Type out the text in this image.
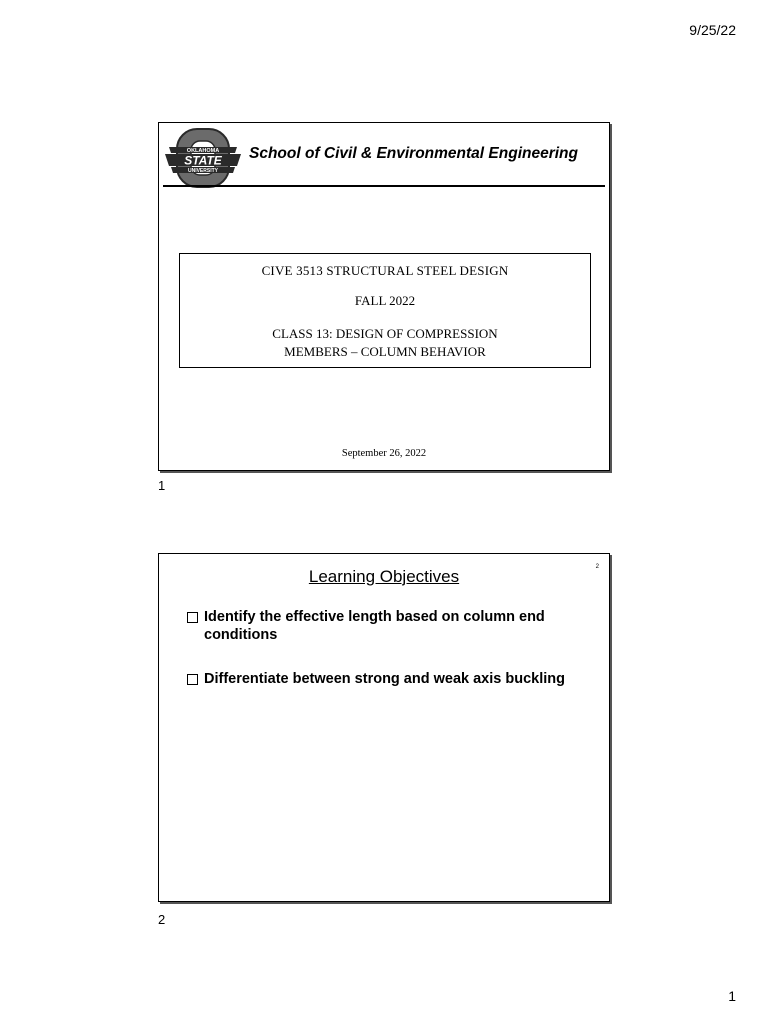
9/25/22
OKLAHOMA
STATE
UNIVERSITY
School of Civil & Environmental Engineering
CIVE 3513 STRUCTURAL STEEL DESIGN
FALL 2022
CLASS 13: DESIGN OF COMPRESSION
MEMBERS – COLUMN BEHAVIOR
September 26, 2022
1
2
Learning Objectives
Identify the effective length based on column end conditions
Differentiate between strong and weak axis buckling
2
1
